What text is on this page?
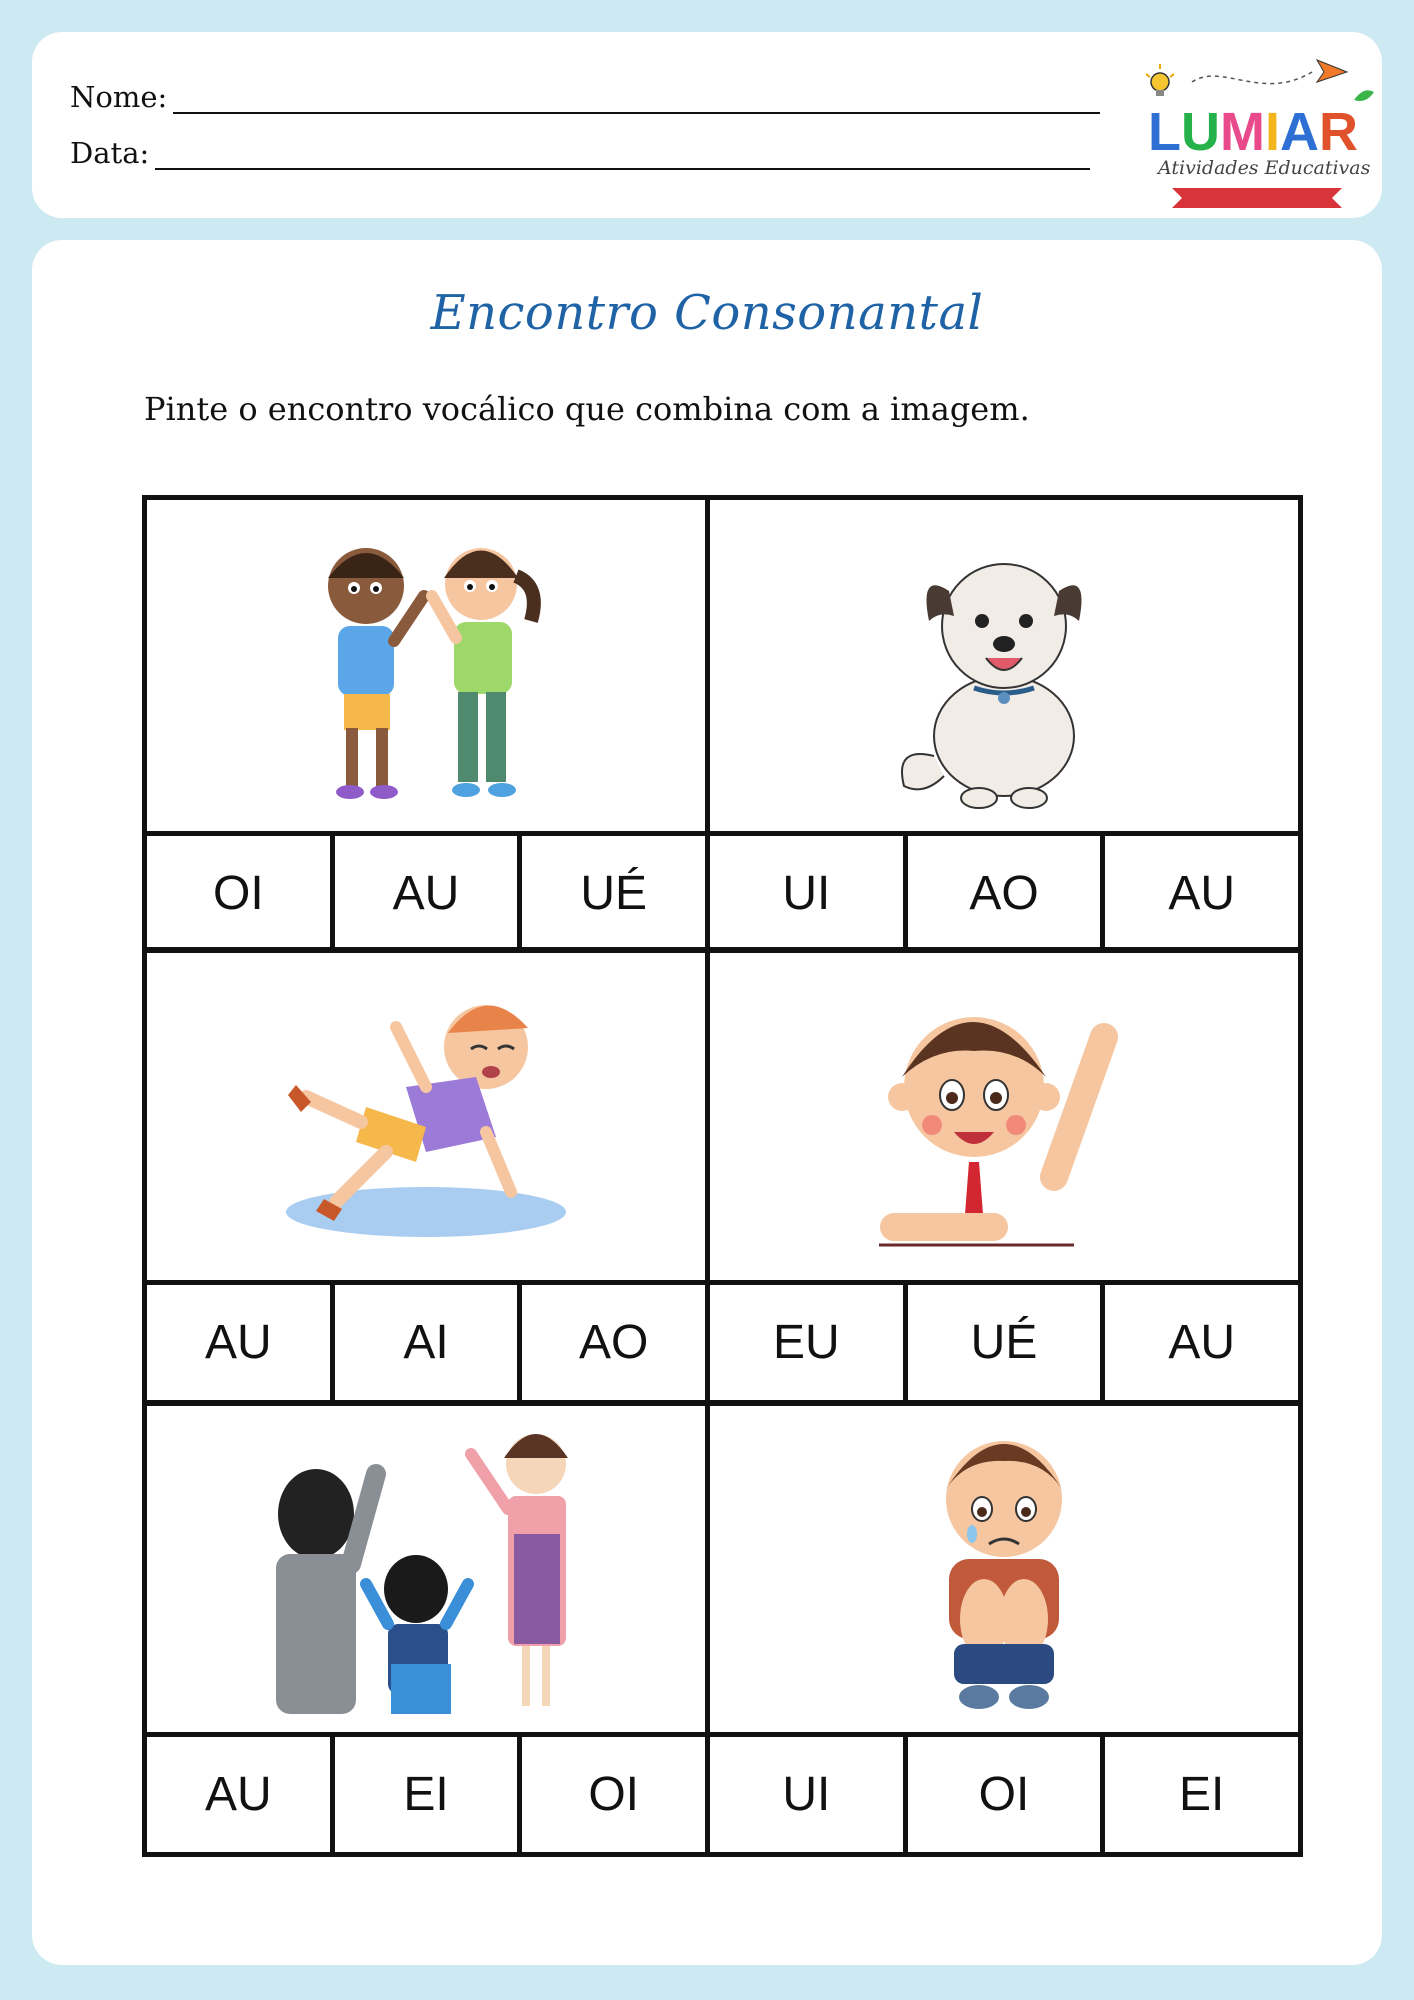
Nome:
Data:	LUMIAR
Atividades Educativas
Encontro Consonantal
Pinte o encontro vocálico que combina com a imagem.
OI	AU	UÉ	UI	AO	AU
AU	AI	AO	EU	UÉ	AU
AU	EI	OI	UI	OI	EI
